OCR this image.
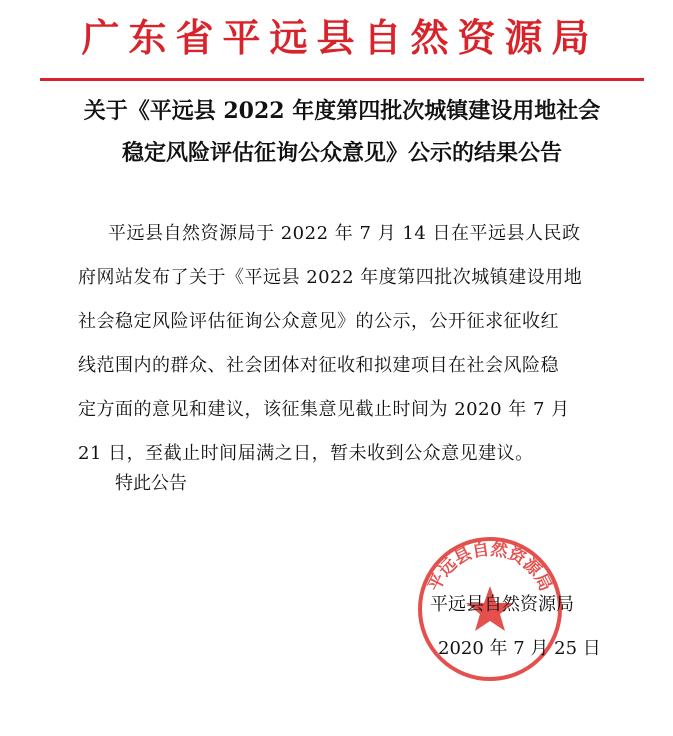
广东省平远县自然资源局
关于《平远县 2022 年度第四批次城镇建设用地社会
稳定风险评估征询公众意见》公示的结果公告
平远县自然资源局于 2022 年 7 月 14 日在平远县人民政
府网站发布了关于《平远县 2022 年度第四批次城镇建设用地
社会稳定风险评估征询公众意见》的公示，公开征求征收红
线范围内的群众、社会团体对征收和拟建项目在社会风险稳
定方面的意见和建议，该征集意见截止时间为 2020 年 7 月
21 日，至截止时间届满之日，暂未收到公众意见建议。
特此公告
平远县自然资源局
平远县自然资源局
2020 年 7 月 25 日
